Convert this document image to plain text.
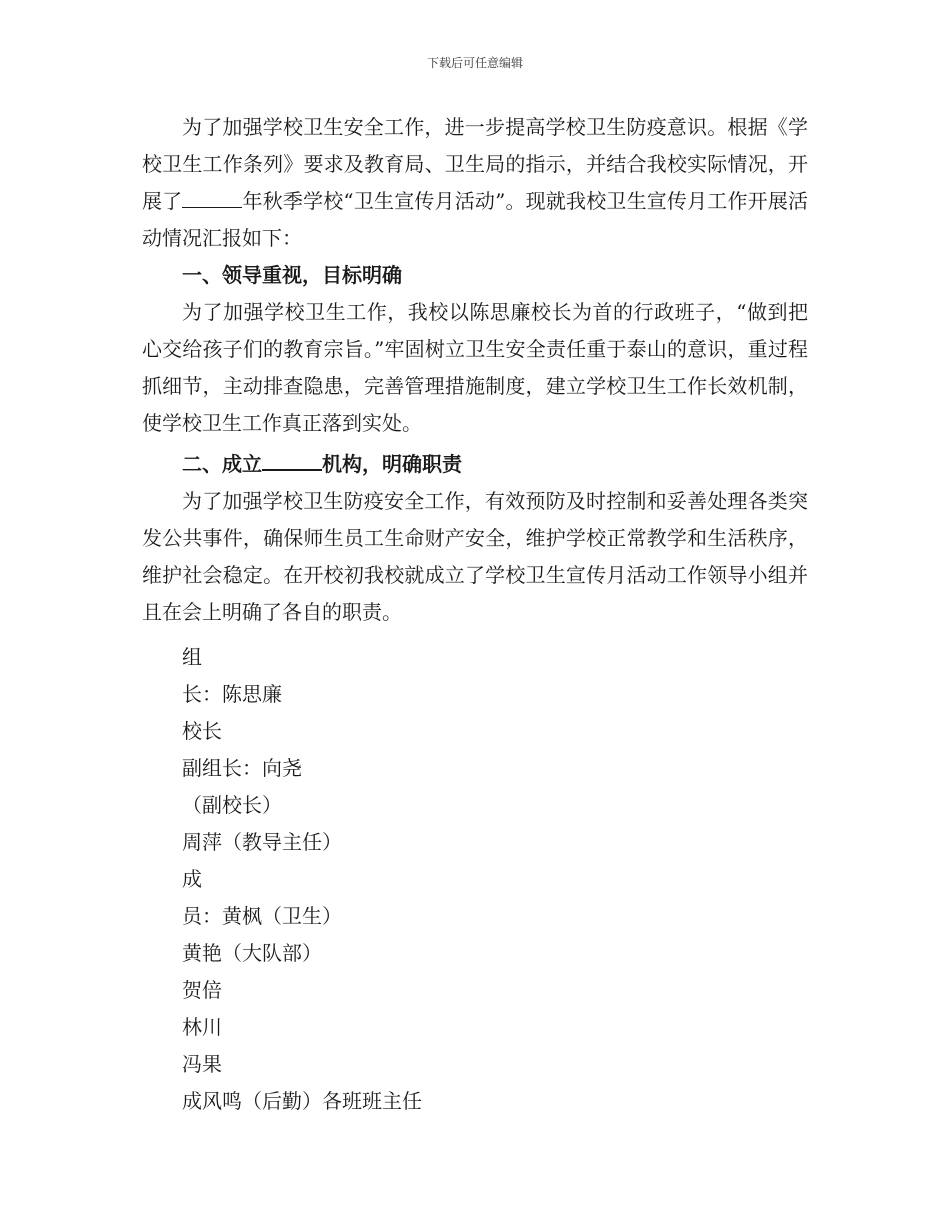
下载后可任意编辑

为了加强学校卫生安全工作，进一步提高学校卫生防疫意识。根据《学校卫生工作条列》要求及教育局、卫生局的指示，并结合我校实际情况，开展了	年秋季学校“卫生宣传月活动”。现就我校卫生宣传月工作开展活动情况汇报如下：

一、领导重视，目标明确

为了加强学校卫生工作，我校以陈思廉校长为首的行政班子，“做到把心交给孩子们的教育宗旨。”牢固树立卫生安全责任重于泰山的意识，重过程抓细节，主动排查隐患，完善管理措施制度，建立学校卫生工作长效机制，使学校卫生工作真正落到实处。

二、成立	机构，明确职责

为了加强学校卫生防疫安全工作，有效预防及时控制和妥善处理各类突发公共事件，确保师生员工生命财产安全，维护学校正常教学和生活秩序，维护社会稳定。在开校初我校就成立了学校卫生宣传月活动工作领导小组并且在会上明确了各自的职责。

组
长：陈思廉
校长
副组长：向尧
（副校长）
周萍（教导主任）
成
员：黄枫（卫生）
黄艳（大队部）
贺倍
林川
冯果
成风鸣（后勤）各班班主任
